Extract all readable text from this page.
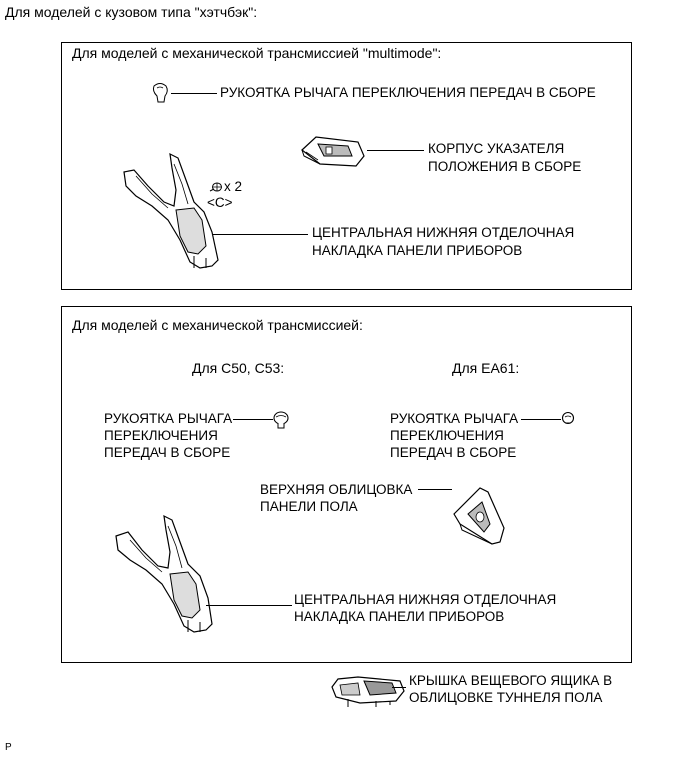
Для моделей с кузовом типа "хэтчбэк":
Для моделей с механической трансмиссией "multimode":
РУКОЯТКА РЫЧАГА ПЕРЕКЛЮЧЕНИЯ ПЕРЕДАЧ В СБОРЕ
КОРПУС УКАЗАТЕЛЯ
ПОЛОЖЕНИЯ В СБОРЕ
x 2
<C>
ЦЕНТРАЛЬНАЯ НИЖНЯЯ ОТДЕЛОЧНАЯ
НАКЛАДКА ПАНЕЛИ ПРИБОРОВ
Для моделей с механической трансмиссией:
Для C50, C53:	Для EA61:
РУКОЯТКА РЫЧАГА
ПЕРЕКЛЮЧЕНИЯ
ПЕРЕДАЧ В СБОРЕ
РУКОЯТКА РЫЧАГА
ПЕРЕКЛЮЧЕНИЯ
ПЕРЕДАЧ В СБОРЕ
ВЕРХНЯЯ ОБЛИЦОВКА
ПАНЕЛИ ПОЛА
ЦЕНТРАЛЬНАЯ НИЖНЯЯ ОТДЕЛОЧНАЯ
НАКЛАДКА ПАНЕЛИ ПРИБОРОВ
КРЫШКА ВЕЩЕВОГО ЯЩИКА В
ОБЛИЦОВКЕ ТУННЕЛЯ ПОЛА
P
